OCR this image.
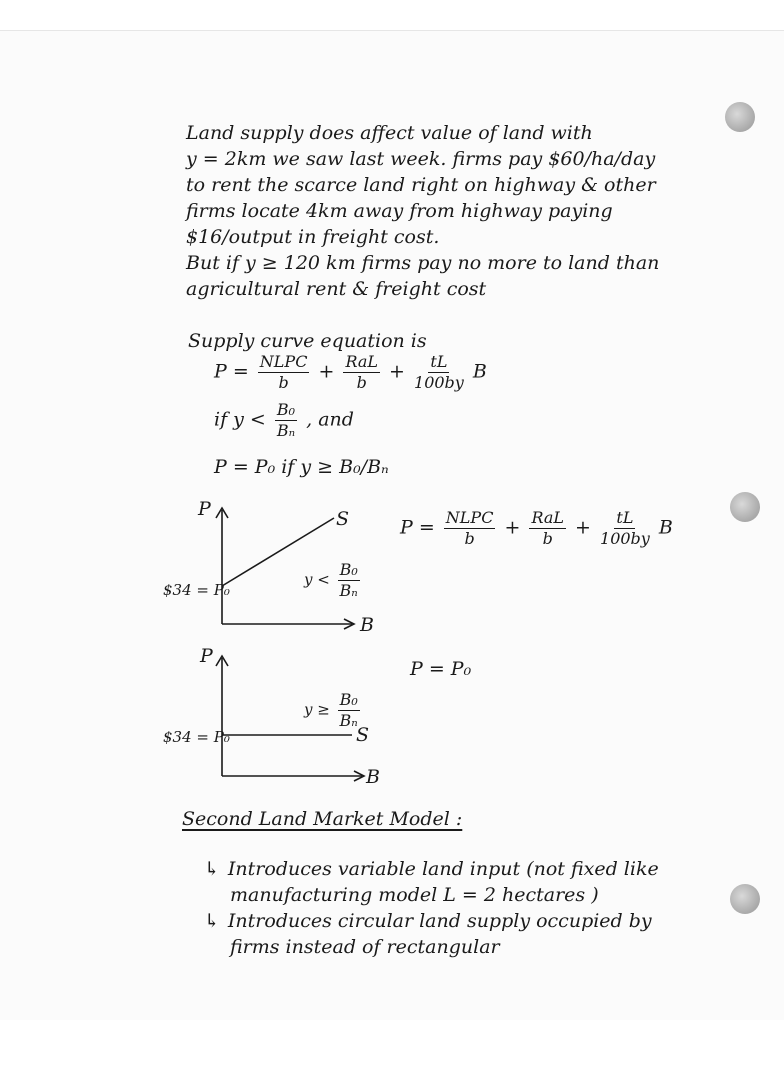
Land supply does affect value of land with
y = 2km we saw last week. firms pay $60/ha/day
to rent the scarce land right on highway & other
firms locate 4km away from highway paying
$16/output in freight cost.
But if y ≥ 120 km firms pay no more to land than
agricultural rent & freight cost
Supply curve equation is
$P = \frac{\text{NLPC}}{b} + \frac{\text{RaL}}{b} + \frac{tL}{100by}$ B
if $y < \frac{\text{B₀}}{\text{Bₙ}}$ , and
P = P₀ if y ≥ B₀/Bₙ
P
B
S
$34 = P₀
$y < \frac{\text{B₀}}{\text{Bₙ}}$
$P = \frac{\text{NLPC}}{b} + \frac{\text{RaL}}{b} + \frac{tL}{100by}$ B
P
B
S
$34 = P₀
P = P₀
$y \ge \frac{\text{B₀}}{\text{Bₙ}}$
Second Land Market Model :
↳ Introduces variable land input (not fixed like
manufacturing model L = 2 hectares )
↳ Introduces circular land supply occupied by
firms instead of rectangular
